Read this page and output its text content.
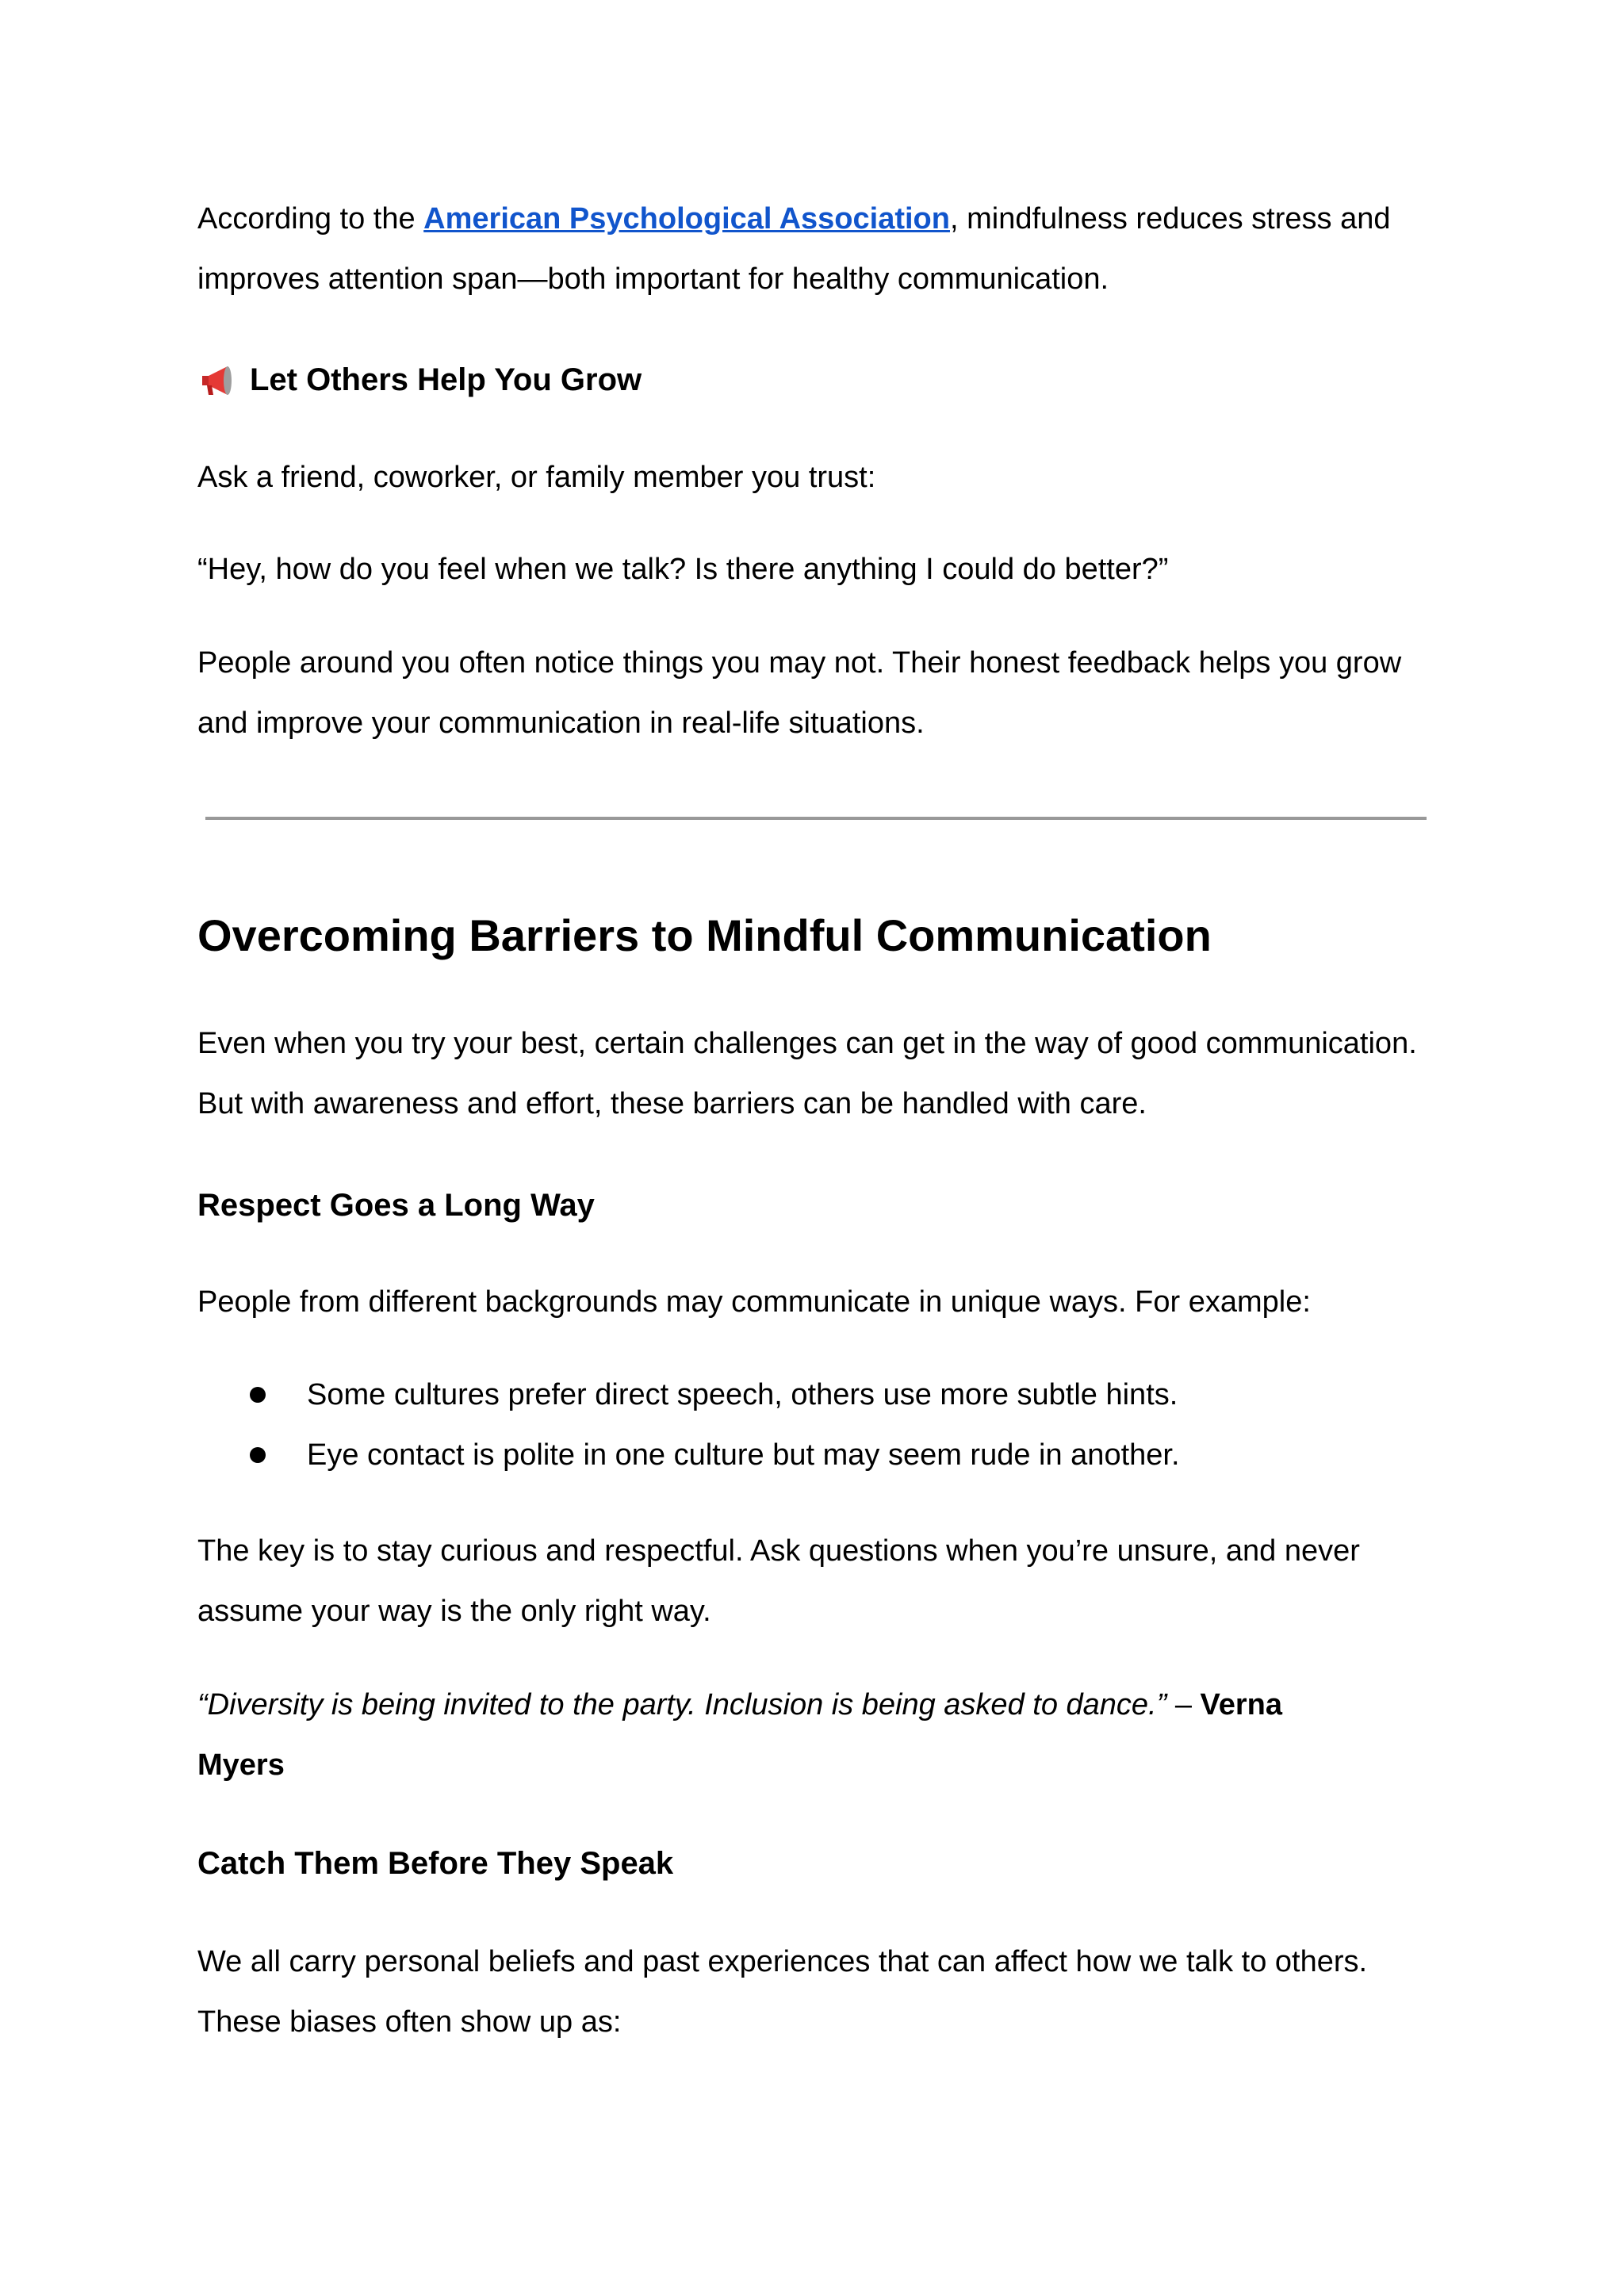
According to the American Psychological Association, mindfulness reduces stress and improves attention span—both important for healthy communication.

Let Others Help You Grow

Ask a friend, coworker, or family member you trust:

“Hey, how do you feel when we talk? Is there anything I could do better?”

People around you often notice things you may not. Their honest feedback helps you grow and improve your communication in real-life situations.

Overcoming Barriers to Mindful Communication

Even when you try your best, certain challenges can get in the way of good communication. But with awareness and effort, these barriers can be handled with care.

Respect Goes a Long Way

People from different backgrounds may communicate in unique ways. For example:

Some cultures prefer direct speech, others use more subtle hints.
Eye contact is polite in one culture but may seem rude in another.

The key is to stay curious and respectful. Ask questions when you’re unsure, and never assume your way is the only right way.

“Diversity is being invited to the party. Inclusion is being asked to dance.” – Verna Myers

Catch Them Before They Speak

We all carry personal beliefs and past experiences that can affect how we talk to others. These biases often show up as:
